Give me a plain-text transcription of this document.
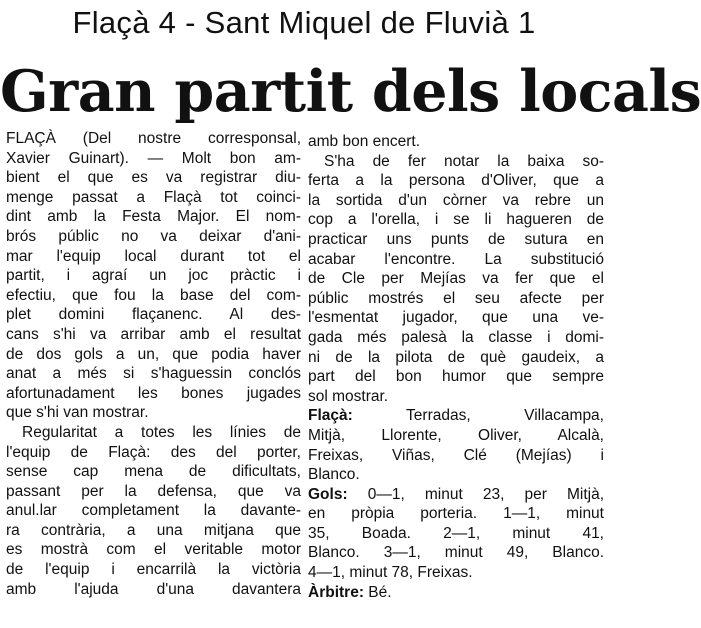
Flaçà 4 - Sant Miquel de Fluvià 1
Gran partit dels locals
FLAÇÀ (Del nostre corresponsal,
Xavier Guinart). — Molt bon am-
bient el que es va registrar diu-
menge passat a Flaçà tot coinci-
dint amb la Festa Major. El nom-
brós públic no va deixar d'ani-
mar l'equip local durant tot el
partit, i agraí un joc pràctic i
efectiu, que fou la base del com-
plet domini flaçanenc. Al des-
cans s'hi va arribar amb el resultat
de dos gols a un, que podia haver
anat a més si s'haguessin conclós
afortunadament les bones jugades
que s'hi van mostrar.
Regularitat a totes les línies de
l'equip de Flaçà: des del porter,
sense cap mena de dificultats,
passant per la defensa, que va
anul.lar completament la davante-
ra contrària, a una mitjana que
es mostrà com el veritable motor
de l'equip i encarrilà la victòria
amb l'ajuda d'una davantera
amb bon encert.
S'ha de fer notar la baixa so-
ferta a la persona d'Oliver, que a
la sortida d'un còrner va rebre un
cop a l'orella, i se li hagueren de
practicar uns punts de sutura en
acabar l'encontre. La substitució
de Cle per Mejías va fer que el
públic mostrés el seu afecte per
l'esmentat jugador, que una ve-
gada més palesà la classe i domi-
ni de la pilota de què gaudeix, a
part del bon humor que sempre
sol mostrar.
Flaçà: Terradas, Villacampa,
Mitjà, Llorente, Oliver, Alcalà,
Freixas, Viñas, Clé (Mejías) i
Blanco.
Gols: 0—1, minut 23, per Mitjà,
en pròpia porteria. 1—1, minut
35, Boada. 2—1, minut 41,
Blanco. 3—1, minut 49, Blanco.
4—1, minut 78, Freixas.
Àrbitre: Bé.
